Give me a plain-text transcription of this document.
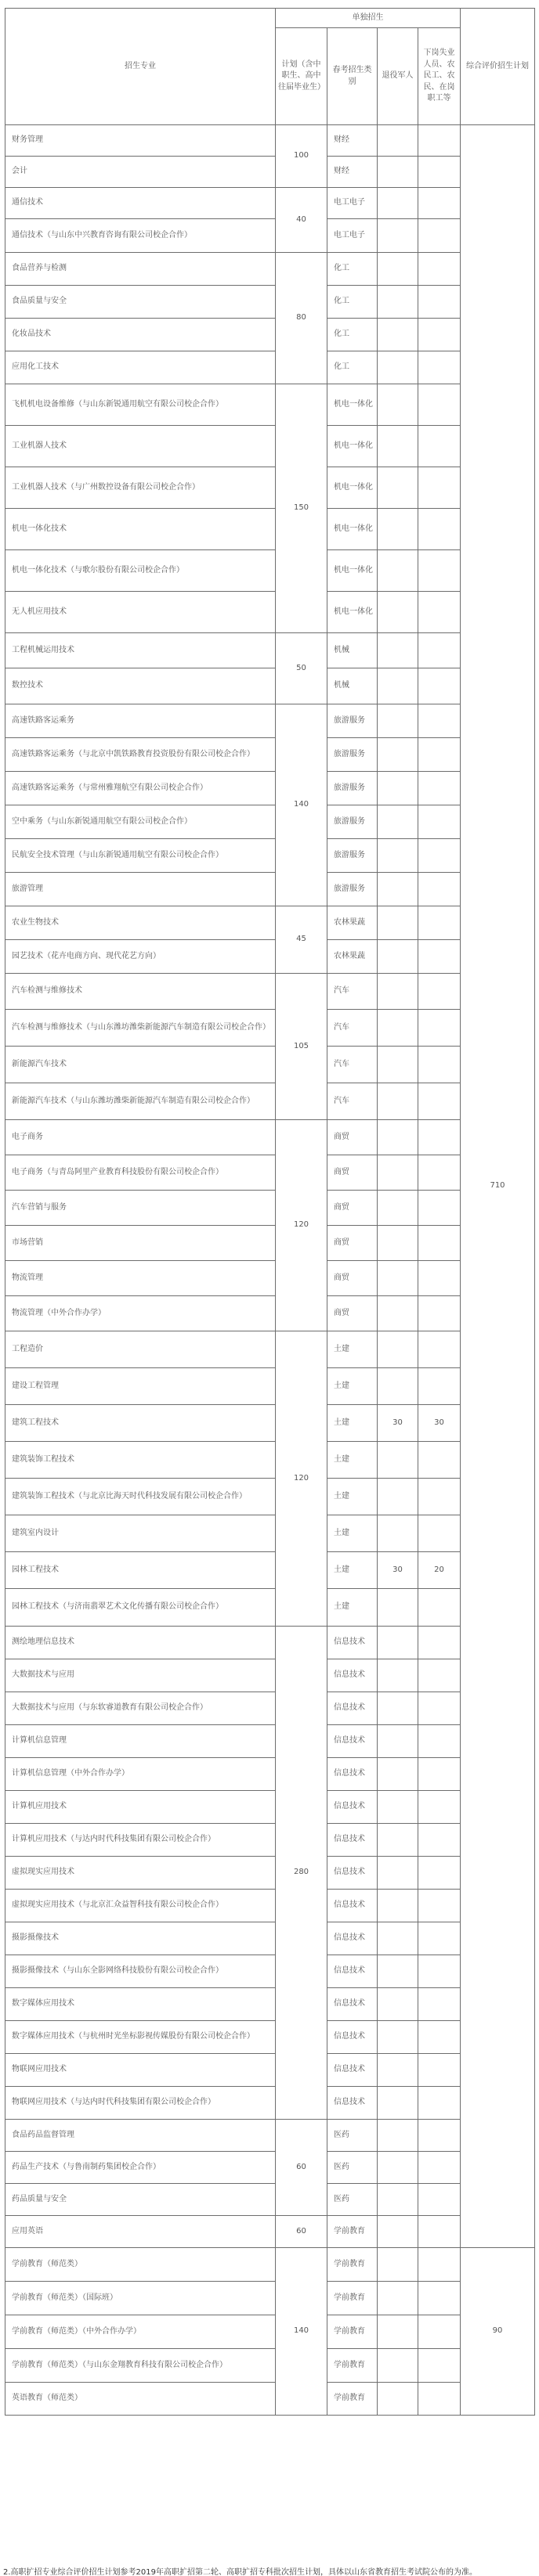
招生专业	单独招生				综合评价招生计划
	计划（含中职生、高中往届毕业生）	春考招生类别	退役军人	下岗失业人员、农民工、农民、在岗职工等	
财务管理	100	财经			710
会计		财经			
通信技术	40	电工电子			
通信技术（与山东中兴教育咨询有限公司校企合作）		电工电子			
食品营养与检测	80	化工			
食品质量与安全		化工			
化妆品技术		化工			
应用化工技术		化工			
飞机机电设备维修（与山东新锐通用航空有限公司校企合作）	150	机电一体化			
工业机器人技术		机电一体化			
工业机器人技术（与广州数控设备有限公司校企合作）		机电一体化			
机电一体化技术		机电一体化			
机电一体化技术（与歌尔股份有限公司校企合作）		机电一体化			
无人机应用技术		机电一体化			
工程机械运用技术	50	机械			
数控技术		机械			
高速铁路客运乘务	140	旅游服务			
高速铁路客运乘务（与北京中凯铁路教育投资股份有限公司校企合作）		旅游服务			
高速铁路客运乘务（与常州雅翔航空有限公司校企合作）		旅游服务			
空中乘务（与山东新锐通用航空有限公司校企合作）		旅游服务			
民航安全技术管理（与山东新锐通用航空有限公司校企合作）		旅游服务			
旅游管理		旅游服务			
农业生物技术	45	农林果蔬			
园艺技术（花卉电商方向、现代花艺方向）		农林果蔬			
汽车检测与维修技术	105	汽车			
汽车检测与维修技术（与山东潍坊潍柴新能源汽车制造有限公司校企合作）		汽车			
新能源汽车技术		汽车			
新能源汽车技术（与山东潍坊潍柴新能源汽车制造有限公司校企合作）		汽车			
电子商务	120	商贸			
电子商务（与青岛阿里产业教育科技股份有限公司校企合作）		商贸			
汽车营销与服务		商贸			
市场营销		商贸			
物流管理		商贸			
物流管理（中外合作办学）		商贸			
工程造价	120	土建			
建设工程管理		土建			
建筑工程技术		土建	30	30	
建筑装饰工程技术		土建			
建筑装饰工程技术（与北京比海天时代科技发展有限公司校企合作）		土建			
建筑室内设计		土建			
园林工程技术		土建	30	20	
园林工程技术（与济南翡翠艺术文化传播有限公司校企合作）		土建			
测绘地理信息技术	280	信息技术			
大数据技术与应用		信息技术			
大数据技术与应用（与东软睿道教育有限公司校企合作）		信息技术			
计算机信息管理		信息技术			
计算机信息管理（中外合作办学）		信息技术			
计算机应用技术		信息技术			
计算机应用技术（与达内时代科技集团有限公司校企合作）		信息技术			
虚拟现实应用技术		信息技术			
虚拟现实应用技术（与北京汇众益智科技有限公司校企合作）		信息技术			
摄影摄像技术		信息技术			
摄影摄像技术（与山东全影网络科技股份有限公司校企合作）		信息技术			
数字媒体应用技术		信息技术			
数字媒体应用技术（与杭州时光坐标影视传媒股份有限公司校企合作）		信息技术			
物联网应用技术		信息技术			
物联网应用技术（与达内时代科技集团有限公司校企合作）		信息技术			
食品药品监督管理	60	医药			
药品生产技术（与鲁南制药集团校企合作）		医药			
药品质量与安全		医药			
应用英语	60	学前教育			
学前教育（师范类）	140	学前教育			90
学前教育（师范类）（国际班）		学前教育			
学前教育（师范类）（中外合作办学）		学前教育			
学前教育（师范类）（与山东金翔教育科技有限公司校企合作）		学前教育			
英语教育（师范类）		学前教育			
2.高职扩招专业综合评价招生计划参考2019年高职扩招第二轮、高职扩招专科批次招生计划，具体以山东省教育招生考试院公布的为准。
